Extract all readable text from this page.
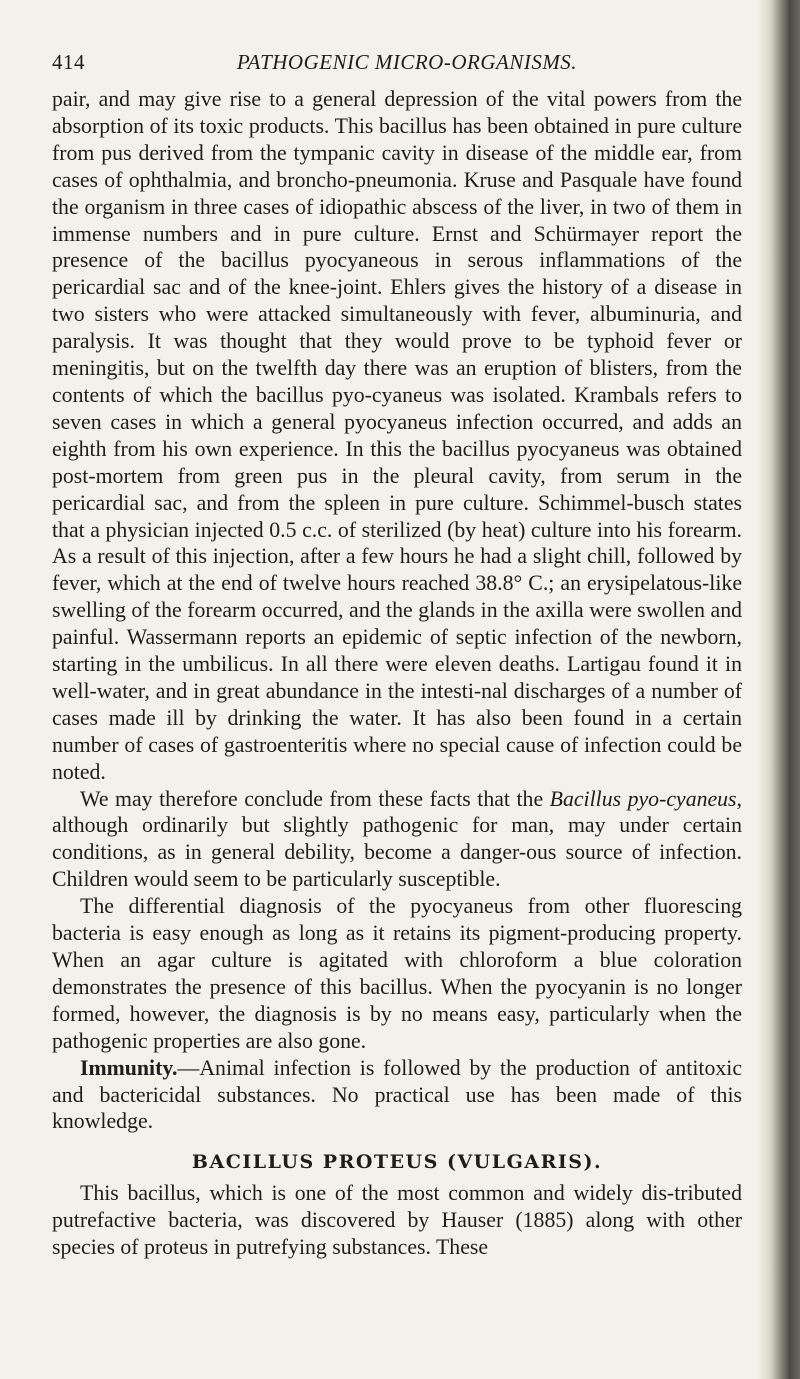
414	PATHOGENIC MICRO-ORGANISMS.

pair, and may give rise to a general depression of the vital powers from the absorption of its toxic products. This bacillus has been obtained in pure culture from pus derived from the tympanic cavity in disease of the middle ear, from cases of ophthalmia, and broncho-pneumonia. Kruse and Pasquale have found the organism in three cases of idiopathic abscess of the liver, in two of them in immense numbers and in pure culture. Ernst and Schürmayer report the presence of the bacillus pyocyaneous in serous inflammations of the pericardial sac and of the knee-joint. Ehlers gives the history of a disease in two sisters who were attacked simultaneously with fever, albuminuria, and paralysis. It was thought that they would prove to be typhoid fever or meningitis, but on the twelfth day there was an eruption of blisters, from the contents of which the bacillus pyo-cyaneus was isolated. Krambals refers to seven cases in which a general pyocyaneus infection occurred, and adds an eighth from his own experience. In this the bacillus pyocyaneus was obtained post-mortem from green pus in the pleural cavity, from serum in the pericardial sac, and from the spleen in pure culture. Schimmel-busch states that a physician injected 0.5 c.c. of sterilized (by heat) culture into his forearm. As a result of this injection, after a few hours he had a slight chill, followed by fever, which at the end of twelve hours reached 38.8° C.; an erysipelatous-like swelling of the forearm occurred, and the glands in the axilla were swollen and painful. Wassermann reports an epidemic of septic infection of the newborn, starting in the umbilicus. In all there were eleven deaths. Lartigau found it in well-water, and in great abundance in the intesti-nal discharges of a number of cases made ill by drinking the water. It has also been found in a certain number of cases of gastroenteritis where no special cause of infection could be noted.

We may therefore conclude from these facts that the Bacillus pyo-cyaneus, although ordinarily but slightly pathogenic for man, may under certain conditions, as in general debility, become a danger-ous source of infection. Children would seem to be particularly susceptible.

The differential diagnosis of the pyocyaneus from other fluorescing bacteria is easy enough as long as it retains its pigment-producing property. When an agar culture is agitated with chloroform a blue coloration demonstrates the presence of this bacillus. When the pyocyanin is no longer formed, however, the diagnosis is by no means easy, particularly when the pathogenic properties are also gone.

Immunity.—Animal infection is followed by the production of antitoxic and bactericidal substances. No practical use has been made of this knowledge.

BACILLUS PROTEUS (VULGARIS).

This bacillus, which is one of the most common and widely dis-tributed putrefactive bacteria, was discovered by Hauser (1885) along with other species of proteus in putrefying substances. These
